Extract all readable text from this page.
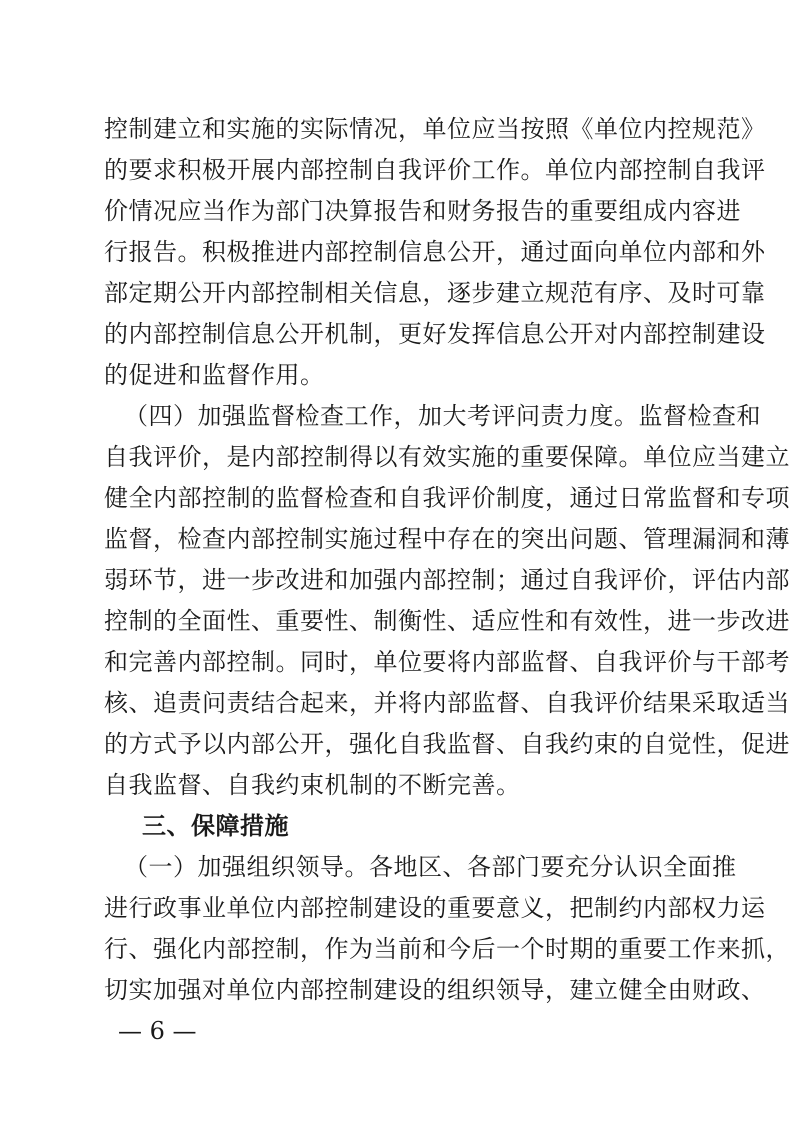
控制建立和实施的实际情况，单位应当按照《单位内控规范》
的要求积极开展内部控制自我评价工作。单位内部控制自我评
价情况应当作为部门决算报告和财务报告的重要组成内容进
行报告。积极推进内部控制信息公开，通过面向单位内部和外
部定期公开内部控制相关信息，逐步建立规范有序、及时可靠
的内部控制信息公开机制，更好发挥信息公开对内部控制建设
的促进和监督作用。
（四）加强监督检查工作，加大考评问责力度。监督检查和
自我评价，是内部控制得以有效实施的重要保障。单位应当建立
健全内部控制的监督检查和自我评价制度，通过日常监督和专项
监督，检查内部控制实施过程中存在的突出问题、管理漏洞和薄
弱环节，进一步改进和加强内部控制；通过自我评价，评估内部
控制的全面性、重要性、制衡性、适应性和有效性，进一步改进
和完善内部控制。同时，单位要将内部监督、自我评价与干部考
核、追责问责结合起来，并将内部监督、自我评价结果采取适当
的方式予以内部公开，强化自我监督、自我约束的自觉性，促进
自我监督、自我约束机制的不断完善。
三、保障措施
（一）加强组织领导。各地区、各部门要充分认识全面推
进行政事业单位内部控制建设的重要意义，把制约内部权力运
行、强化内部控制，作为当前和今后一个时期的重要工作来抓，
切实加强对单位内部控制建设的组织领导，建立健全由财政、
— 6 —
